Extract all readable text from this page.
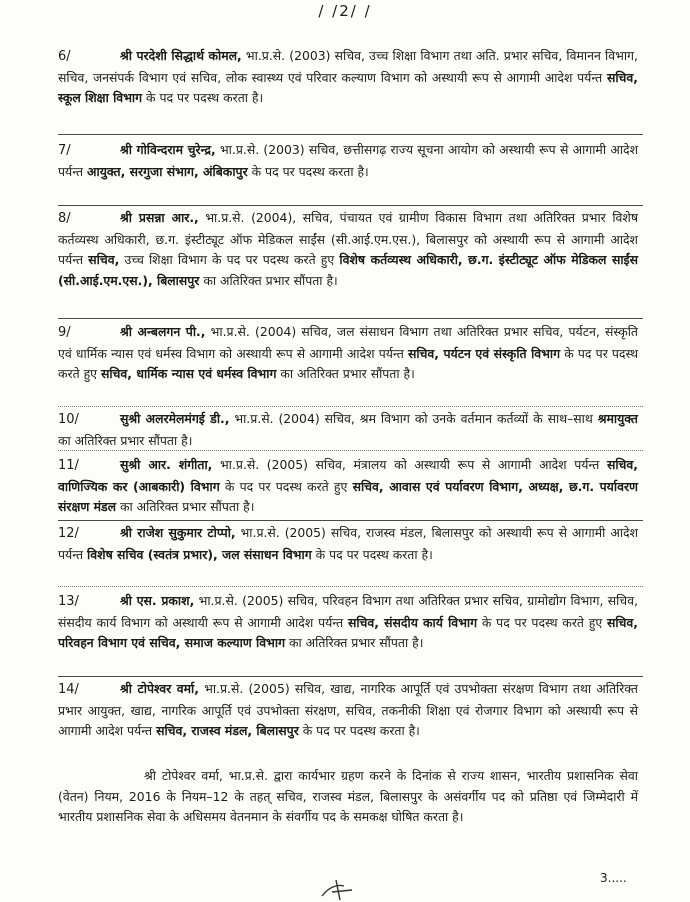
/ /2/ /

6/	श्री परदेशी सिद्धार्थ कोमल, भा.प्र.से. (2003) सचिव, उच्च शिक्षा विभाग तथा अति. प्रभार सचिव, विमानन विभाग, सचिव, जनसंपर्क विभाग एवं सचिव, लोक स्वास्थ्य एवं परिवार कल्याण विभाग को अस्थायी रूप से आगामी आदेश पर्यन्त सचिव, स्कूल शिक्षा विभाग के पद पर पदस्थ करता है।

7/	श्री गोविन्दराम चुरेन्द्र, भा.प्र.से. (2003) सचिव, छत्तीसगढ़ राज्य सूचना आयोग को अस्थायी रूप से आगामी आदेश पर्यन्त आयुक्त, सरगुजा संभाग, अंबिकापुर के पद पर पदस्थ करता है।

8/	श्री प्रसन्ना आर., भा.प्र.से. (2004), सचिव, पंचायत एवं ग्रामीण विकास विभाग तथा अतिरिक्त प्रभार विशेष कर्तव्यस्थ अधिकारी, छ.ग. इंस्टीट्यूट ऑफ मेडिकल साईंस (सी.आई.एम.एस.), बिलासपुर को अस्थायी रूप से आगामी आदेश पर्यन्त सचिव, उच्च शिक्षा विभाग के पद पर पदस्थ करते हुए विशेष कर्तव्यस्थ अधिकारी, छ.ग. इंस्टीट्यूट ऑफ मेडिकल साईंस (सी.आई.एम.एस.), बिलासपुर का अतिरिक्त प्रभार सौंपता है।

9/	श्री अन्बलगन पी., भा.प्र.से. (2004) सचिव, जल संसाधन विभाग तथा अतिरिक्त प्रभार सचिव, पर्यटन, संस्कृति एवं धार्मिक न्यास एवं धर्मस्व विभाग को अस्थायी रूप से आगामी आदेश पर्यन्त सचिव, पर्यटन एवं संस्कृति विभाग के पद पर पदस्थ करते हुए सचिव, धार्मिक न्यास एवं धर्मस्व विभाग का अतिरिक्त प्रभार सौंपता है।

10/	सुश्री अलरमेलमंगई डी., भा.प्र.से. (2004) सचिव, श्रम विभाग को उनके वर्तमान कर्तव्यों के साथ–साथ श्रमायुक्त का अतिरिक्त प्रभार सौंपता है।

11/	सुश्री आर. शंगीता, भा.प्र.से. (2005) सचिव, मंत्रालय को अस्थायी रूप से आगामी आदेश पर्यन्त सचिव, वाणिज्यिक कर (आबकारी) विभाग के पद पर पदस्थ करते हुए सचिव, आवास एवं पर्यावरण विभाग, अध्यक्ष, छ.ग. पर्यावरण संरक्षण मंडल का अतिरिक्त प्रभार सौंपता है।

12/	श्री राजेश सुकुमार टोप्पो, भा.प्र.से. (2005) सचिव, राजस्व मंडल, बिलासपुर को अस्थायी रूप से आगामी आदेश पर्यन्त विशेष सचिव (स्वतंत्र प्रभार), जल संसाधन विभाग के पद पर पदस्थ करता है।

13/	श्री एस. प्रकाश, भा.प्र.से. (2005) सचिव, परिवहन विभाग तथा अतिरिक्त प्रभार सचिव, ग्रामोद्योग विभाग, सचिव, संसदीय कार्य विभाग को अस्थायी रूप से आगामी आदेश पर्यन्त सचिव, संसदीय कार्य विभाग के पद पर पदस्थ करते हुए सचिव, परिवहन विभाग एवं सचिव, समाज कल्याण विभाग का अतिरिक्त प्रभार सौंपता है।

14/	श्री टोपेश्वर वर्मा, भा.प्र.से. (2005) सचिव, खाद्य, नागरिक आपूर्ति एवं उपभोक्ता संरक्षण विभाग तथा अतिरिक्त प्रभार आयुक्त, खाद्य, नागरिक आपूर्ति एवं उपभोक्ता संरक्षण, सचिव, तकनीकी शिक्षा एवं रोजगार विभाग को अस्थायी रूप से आगामी आदेश पर्यन्त सचिव, राजस्व मंडल, बिलासपुर के पद पर पदस्थ करता है।

श्री टोपेश्वर वर्मा, भा.प्र.से. द्वारा कार्यभार ग्रहण करने के दिनांक से राज्य शासन, भारतीय प्रशासनिक सेवा (वेतन) नियम, 2016 के नियम–12 के तहत् सचिव, राजस्व मंडल, बिलासपुर के असंवर्गीय पद को प्रतिष्ठा एवं जिम्मेदारी में भारतीय प्रशासनिक सेवा के अधिसमय वेतनमान के संवर्गीय पद के समकक्ष घोषित करता है।

3.....
